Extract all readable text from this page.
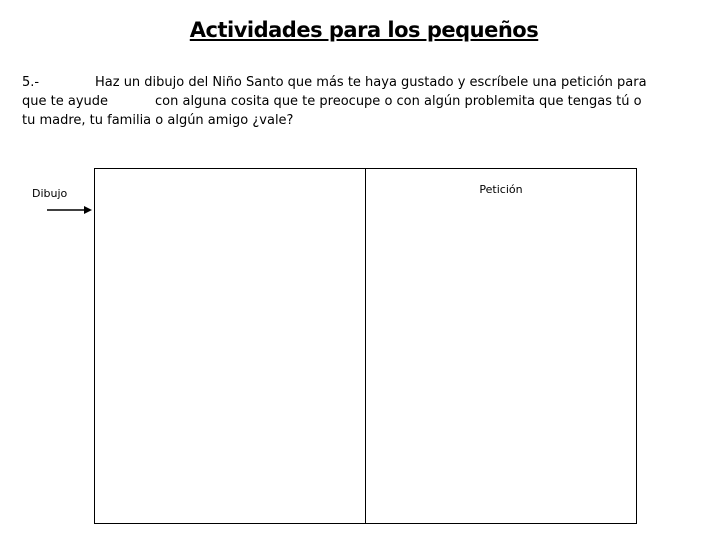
Actividades para los pequeños
5.-	Haz un dibujo del Niño Santo que más te haya gustado y escríbele una petición para
que te ayude	con alguna cosita que te preocupe o con algún problemita que tengas tú o
tu madre, tu familia o algún amigo ¿vale?
Dibujo	Petición
